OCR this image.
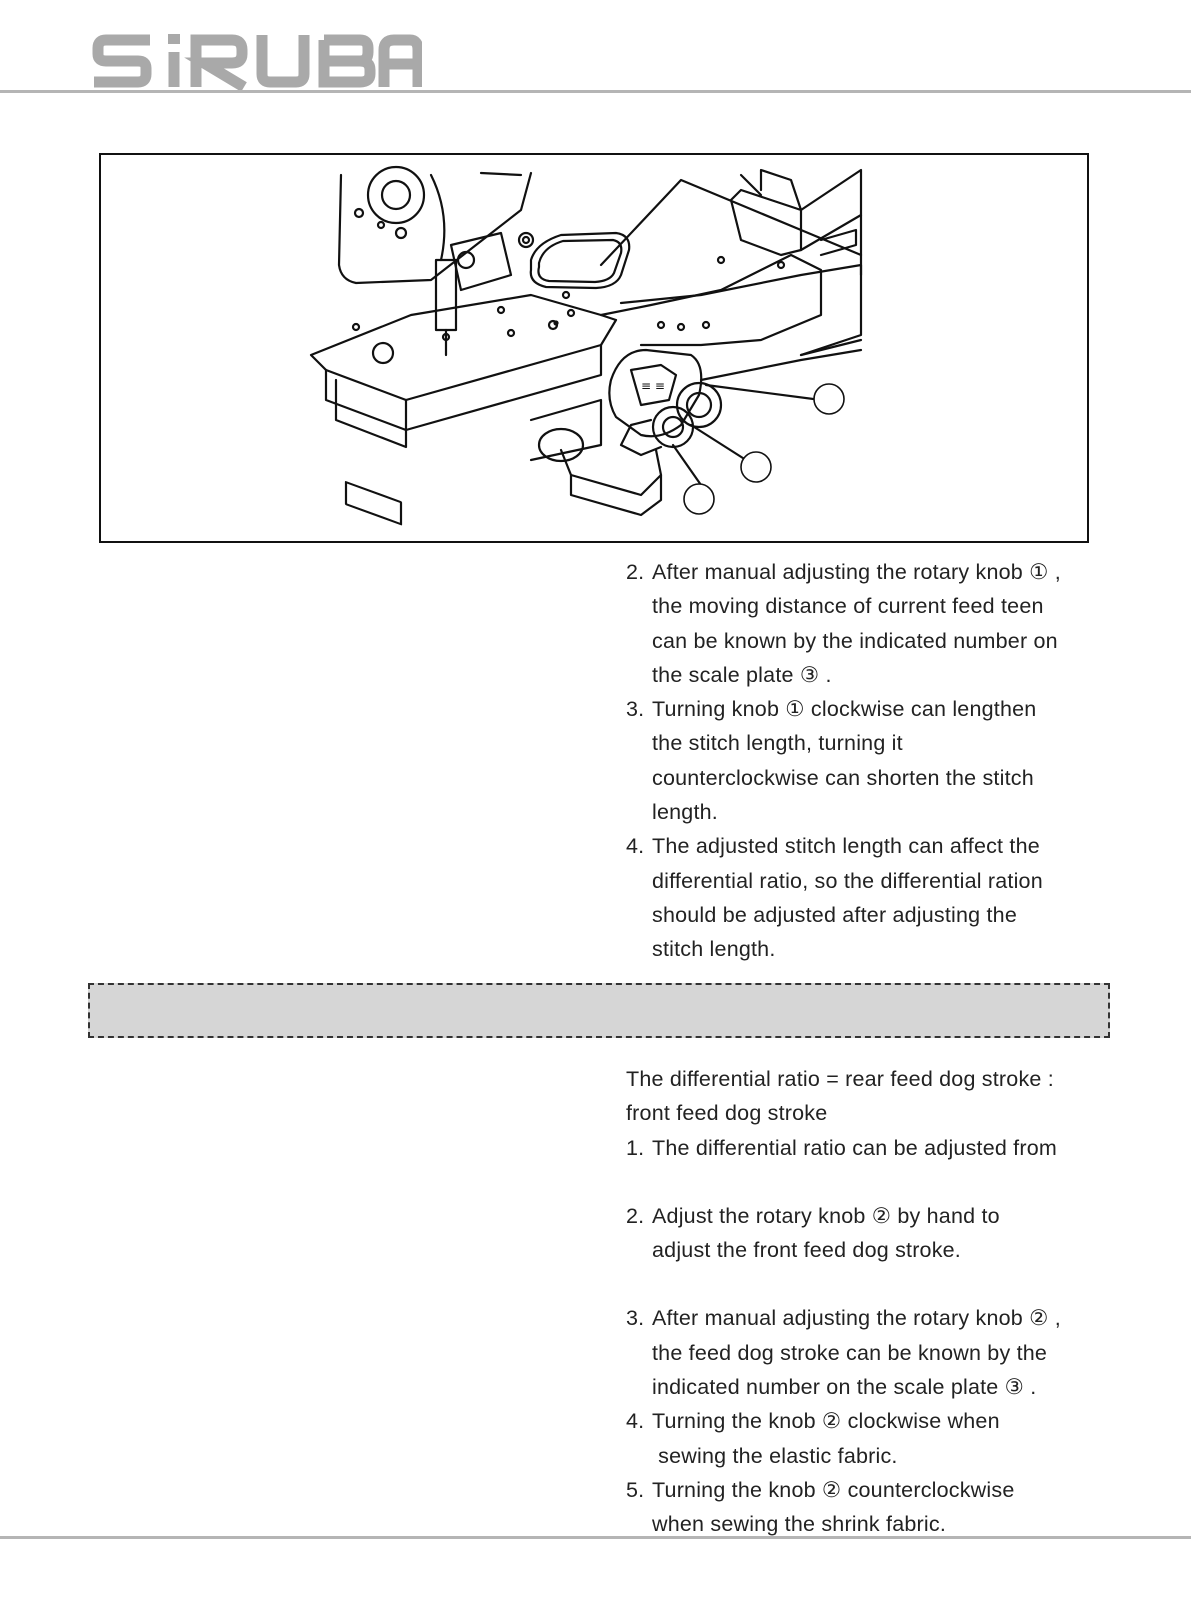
≡ ≡
2. After manual adjusting the rotary knob ① ,
the moving distance of current feed teen
can be known by the indicated number on
the scale plate ③ .
3. Turning knob ① clockwise can lengthen
the stitch length, turning it
counterclockwise can shorten the stitch
length.
4. The adjusted stitch length can affect the
differential ratio, so the differential ration
should be adjusted after adjusting the
stitch length.
The differential ratio = rear feed dog stroke :
front feed dog stroke
1. The differential ratio can be adjusted from
2. Adjust the rotary knob ② by hand to
adjust the front feed dog stroke.
3. After manual adjusting the rotary knob ② ,
the feed dog stroke can be known by the
indicated number on the scale plate ③ .
4. Turning the knob ② clockwise when
sewing the elastic fabric.
5. Turning the knob ② counterclockwise
when sewing the shrink fabric.
